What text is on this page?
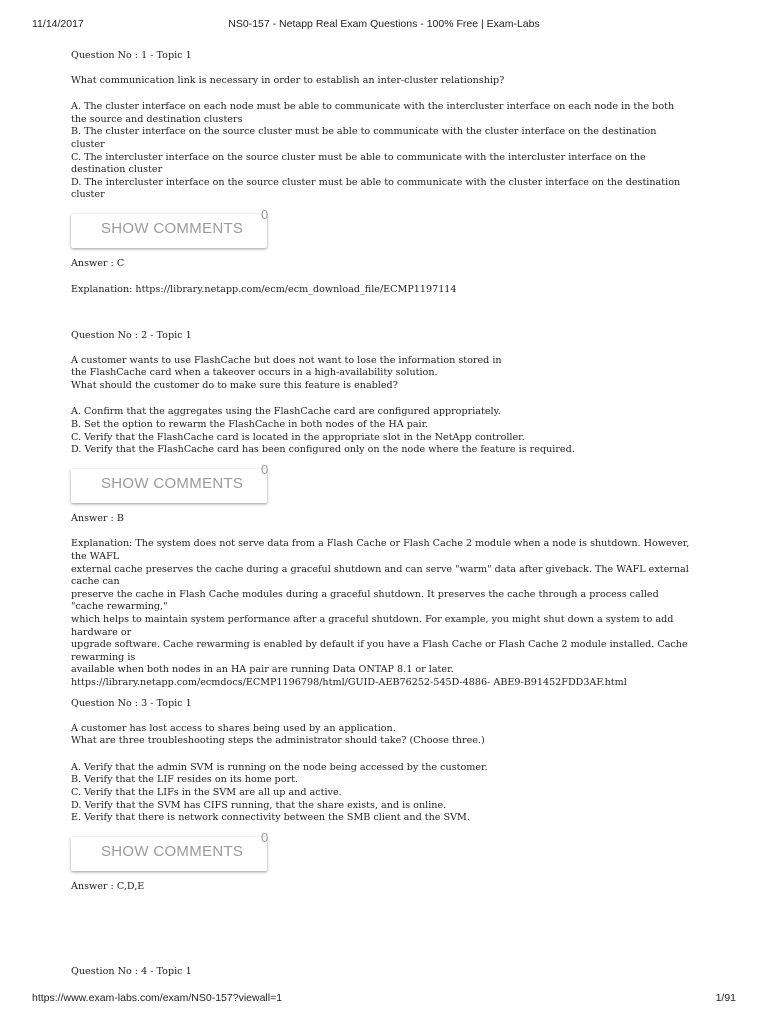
11/14/2017	NS0-157 - Netapp Real Exam Questions - 100% Free | Exam-Labs

Question No : 1 - Topic 1

What communication link is necessary in order to establish an inter-cluster relationship?

A. The cluster interface on each node must be able to communicate with the intercluster interface on each node in the both the source and destination clusters

B. The cluster interface on the source cluster must be able to communicate with the cluster interface on the destination cluster

C. The intercluster interface on the source cluster must be able to communicate with the intercluster interface on the destination cluster

D. The intercluster interface on the source cluster must be able to communicate with the cluster interface on the destination cluster

SHOW COMMENTS
0

Answer : C

Explanation: https://library.netapp.com/ecm/ecm_download_file/ECMP1197114

Question No : 2 - Topic 1

A customer wants to use FlashCache but does not want to lose the information stored in

the FlashCache card when a takeover occurs in a high-availability solution.

What should the customer do to make sure this feature is enabled?

A. Confirm that the aggregates using the FlashCache card are configured appropriately.

B. Set the option to rewarm the FlashCache in both nodes of the HA pair.

C. Verify that the FlashCache card is located in the appropriate slot in the NetApp controller.

D. Verify that the FlashCache card has been configured only on the node where the feature is required.

SHOW COMMENTS
0

Answer : B

Explanation: The system does not serve data from a Flash Cache or Flash Cache 2 module when a node is shutdown. However, the WAFL

external cache preserves the cache during a graceful shutdown and can serve "warm" data after giveback. The WAFL external cache can

preserve the cache in Flash Cache modules during a graceful shutdown. It preserves the cache through a process called "cache rewarming,"

which helps to maintain system performance after a graceful shutdown. For example, you might shut down a system to add hardware or

upgrade software. Cache rewarming is enabled by default if you have a Flash Cache or Flash Cache 2 module installed. Cache rewarming is

available when both nodes in an HA pair are running Data ONTAP 8.1 or later.

https://library.netapp.com/ecmdocs/ECMP1196798/html/GUID-AEB76252-545D-4886- ABE9-B91452FDD3AF.html

Question No : 3 - Topic 1

A customer has lost access to shares being used by an application.

What are three troubleshooting steps the administrator should take? (Choose three.)

A. Verify that the admin SVM is running on the node being accessed by the customer.

B. Verify that the LIF resides on its home port.

C. Verify that the LIFs in the SVM are all up and active.

D. Verify that the SVM has CIFS running, that the share exists, and is online.

E. Verify that there is network connectivity between the SMB client and the SVM.

SHOW COMMENTS
0

Answer : C,D,E

Question No : 4 - Topic 1

https://www.exam-labs.com/exam/NS0-157?viewall=1	1/91
